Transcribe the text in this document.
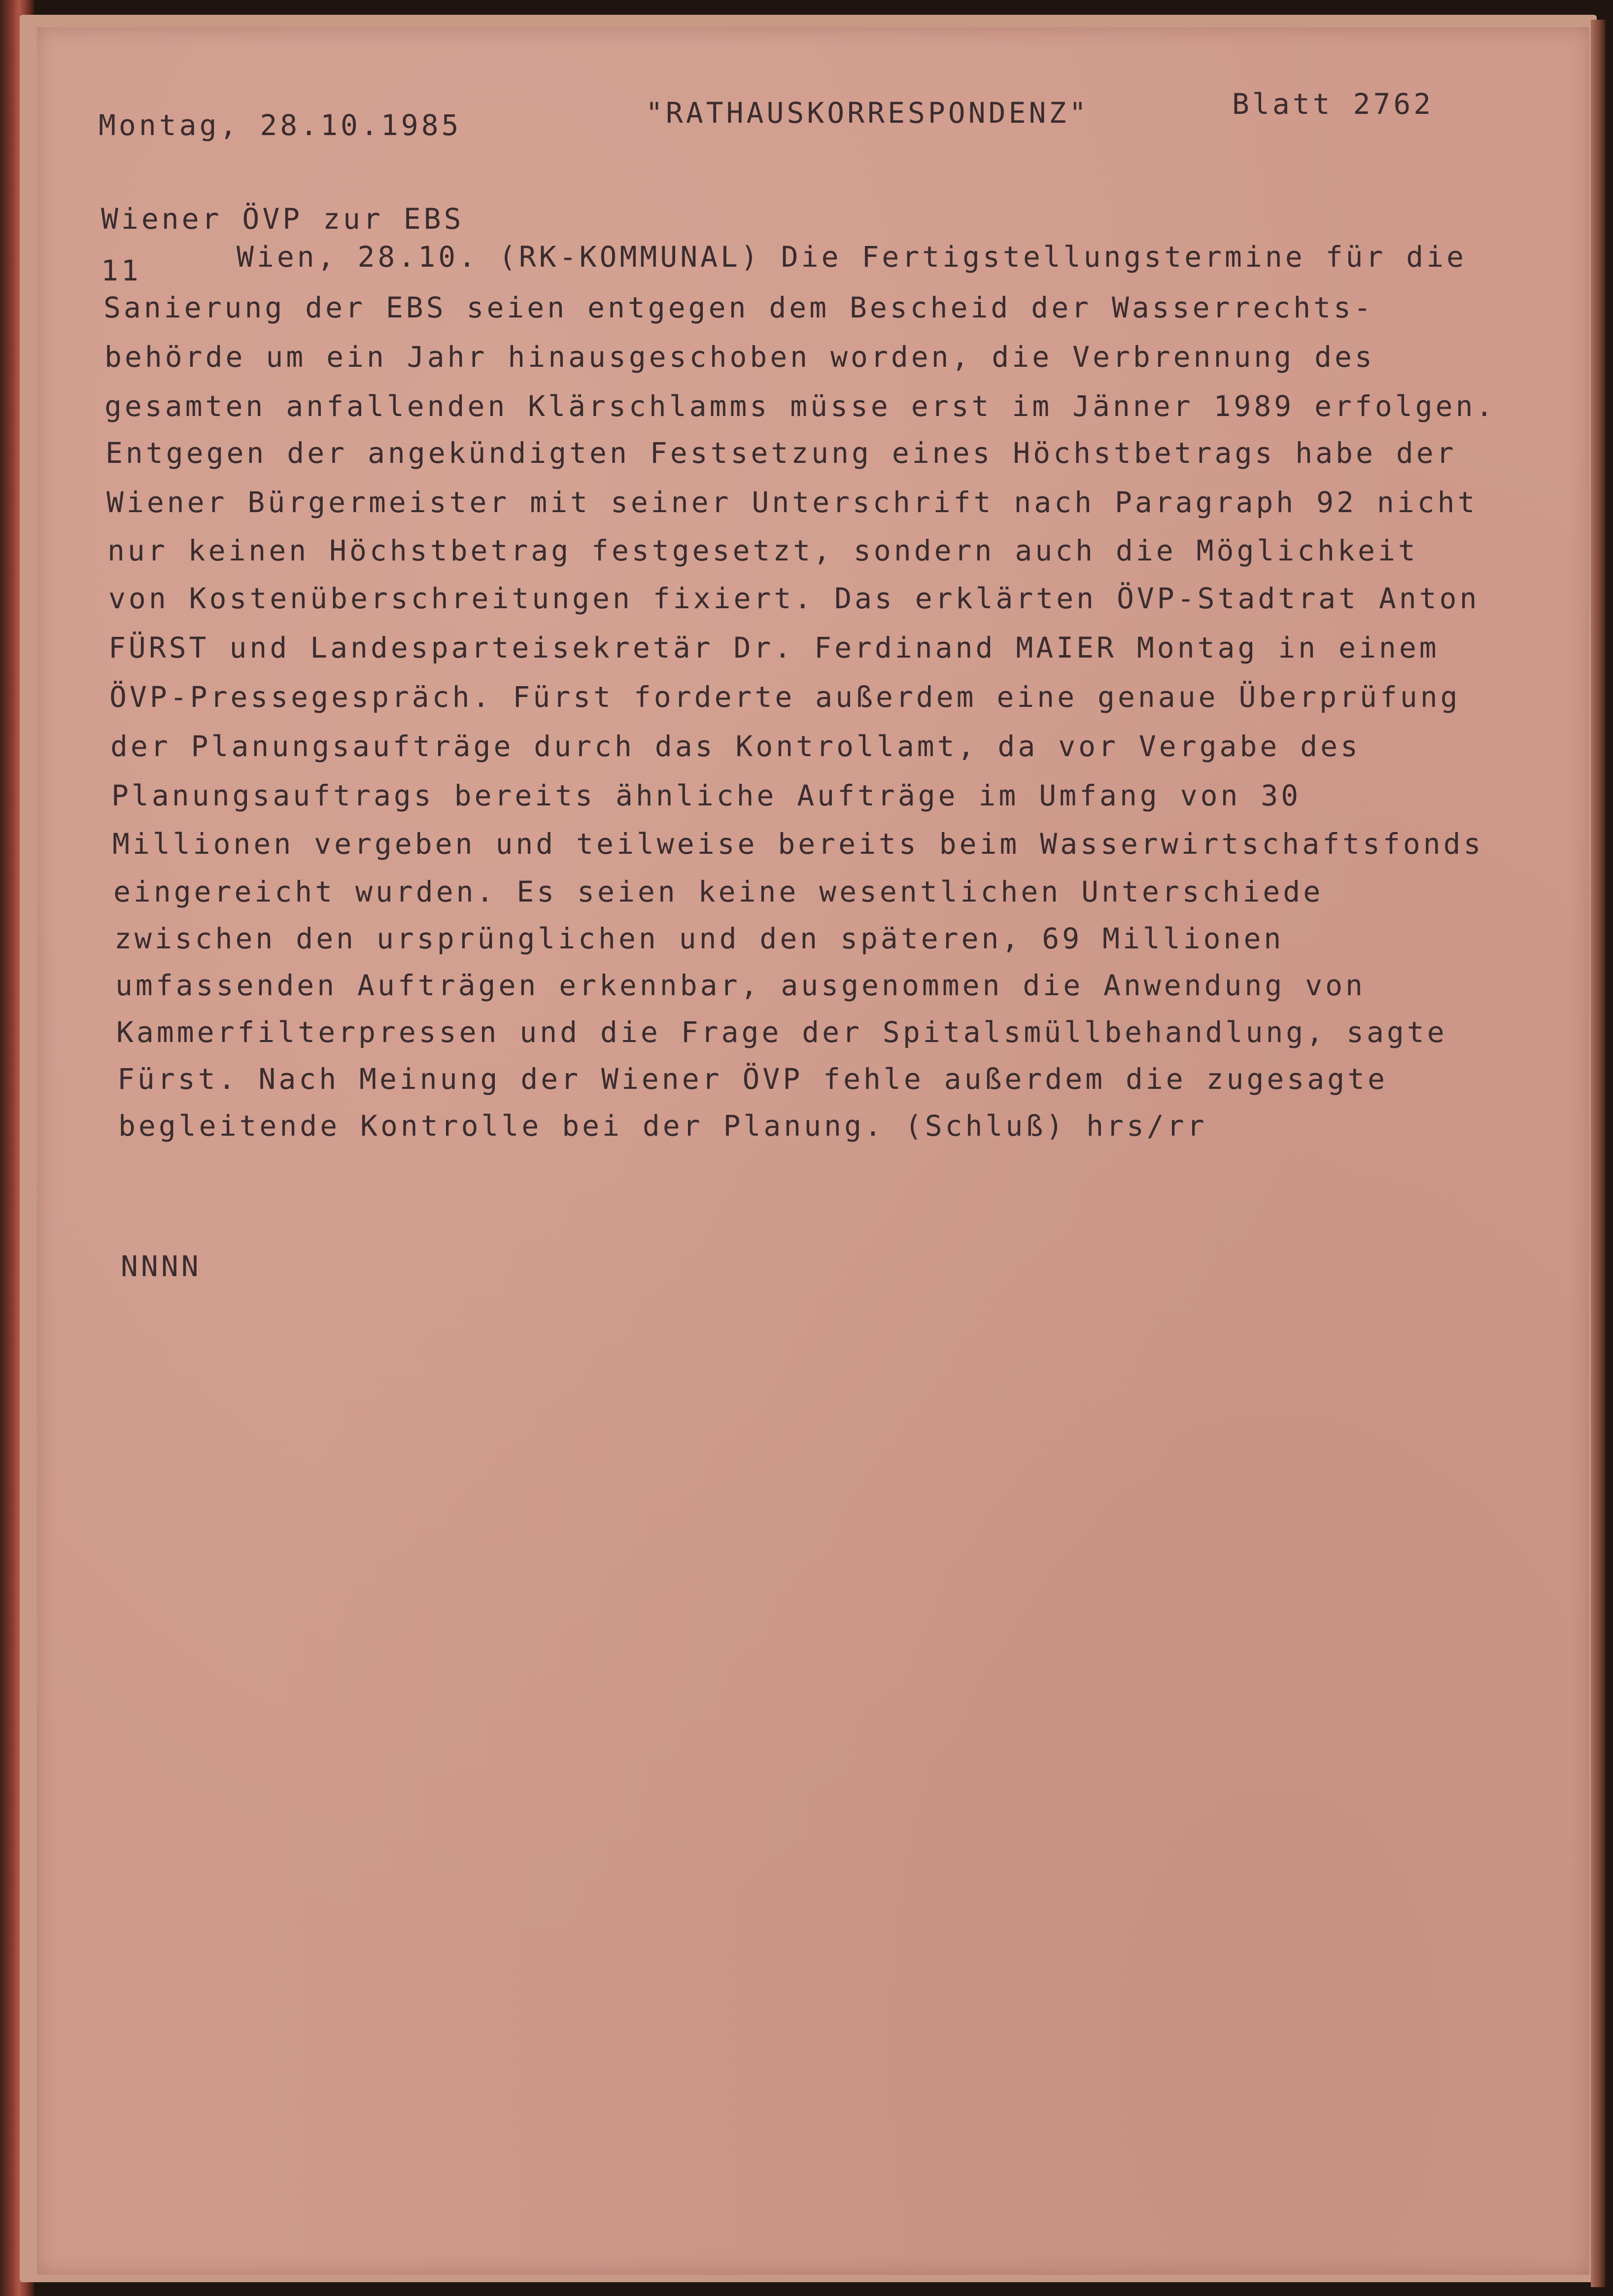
Montag, 28.10.1985	"RATHAUSKORRESPONDENZ"	Blatt 2762
Wiener ÖVP zur EBS
11	Wien, 28.10. (RK-KOMMUNAL) Die Fertigstellungstermine für die
Sanierung der EBS seien entgegen dem Bescheid der Wasserrechts-
behörde um ein Jahr hinausgeschoben worden, die Verbrennung des
gesamten anfallenden Klärschlamms müsse erst im Jänner 1989 erfolgen.
Entgegen der angekündigten Festsetzung eines Höchstbetrags habe der
Wiener Bürgermeister mit seiner Unterschrift nach Paragraph 92 nicht
nur keinen Höchstbetrag festgesetzt, sondern auch die Möglichkeit
von Kostenüberschreitungen fixiert. Das erklärten ÖVP-Stadtrat Anton
FÜRST und Landesparteisekretär Dr. Ferdinand MAIER Montag in einem
ÖVP-Pressegespräch. Fürst forderte außerdem eine genaue Überprüfung
der Planungsaufträge durch das Kontrollamt, da vor Vergabe des
Planungsauftrags bereits ähnliche Aufträge im Umfang von 30
Millionen vergeben und teilweise bereits beim Wasserwirtschaftsfonds
eingereicht wurden. Es seien keine wesentlichen Unterschiede
zwischen den ursprünglichen und den späteren, 69 Millionen
umfassenden Aufträgen erkennbar, ausgenommen die Anwendung von
Kammerfilterpressen und die Frage der Spitalsmüllbehandlung, sagte
Fürst. Nach Meinung der Wiener ÖVP fehle außerdem die zugesagte
begleitende Kontrolle bei der Planung. (Schluß) hrs/rr
NNNN
